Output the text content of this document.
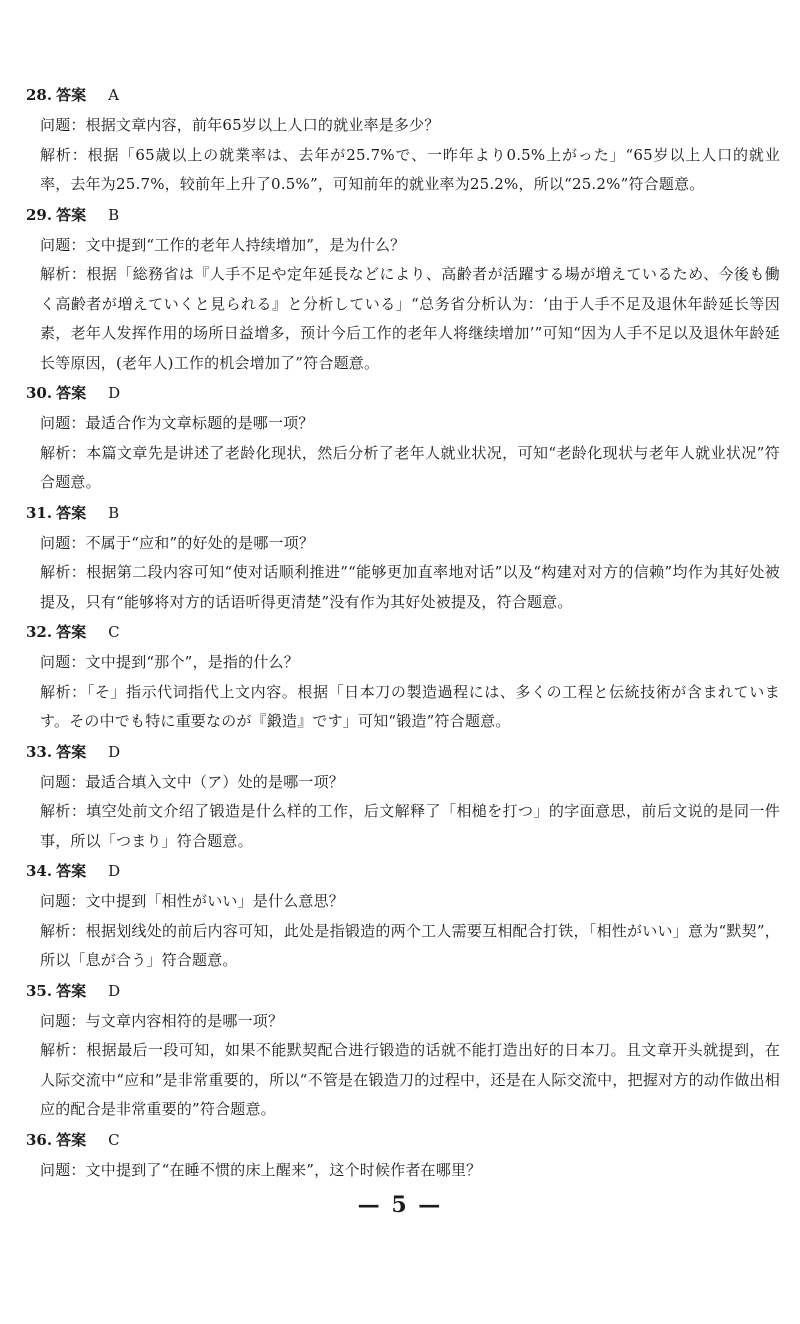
28. 答案 A
问题：根据文章内容，前年65岁以上人口的就业率是多少？
解析：根据「65歳以上の就業率は、去年が25.7%で、一昨年より0.5%上がった」“65岁以上人口的就业率，去年为25.7%，较前年上升了0.5%”，可知前年的就业率为25.2%，所以“25.2%”符合题意。
29. 答案 B
问题：文中提到“工作的老年人持续增加”，是为什么？
解析：根据「総務省は『人手不足や定年延長などにより、高齢者が活躍する場が増えているため、今後も働く高齢者が増えていくと見られる』と分析している」“总务省分析认为：‘由于人手不足及退休年龄延长等因素，老年人发挥作用的场所日益增多，预计今后工作的老年人将继续增加’”可知“因为人手不足以及退休年龄延长等原因，(老年人)工作的机会增加了”符合题意。
30. 答案 D
问题：最适合作为文章标题的是哪一项？
解析：本篇文章先是讲述了老龄化现状，然后分析了老年人就业状况，可知“老龄化现状与老年人就业状况”符合题意。
31. 答案 B
问题：不属于“应和”的好处的是哪一项？
解析：根据第二段内容可知“使对话顺利推进”“能够更加直率地对话”以及“构建对对方的信赖”均作为其好处被提及，只有“能够将对方的话语听得更清楚”没有作为其好处被提及，符合题意。
32. 答案 C
问题：文中提到“那个”，是指的什么？
解析：「そ」指示代词指代上文内容。根据「日本刀の製造過程には、多くの工程と伝統技術が含まれています。その中でも特に重要なのが『鍛造』です」可知“锻造”符合题意。
33. 答案 D
问题：最适合填入文中（ア）处的是哪一项？
解析：填空处前文介绍了锻造是什么样的工作，后文解释了「相槌を打つ」的字面意思，前后文说的是同一件事，所以「つまり」符合题意。
34. 答案 D
问题：文中提到「相性がいい」是什么意思？
解析：根据划线处的前后内容可知，此处是指锻造的两个工人需要互相配合打铁，「相性がいい」意为“默契”，所以「息が合う」符合题意。
35. 答案 D
问题：与文章内容相符的是哪一项？
解析：根据最后一段可知，如果不能默契配合进行锻造的话就不能打造出好的日本刀。且文章开头就提到，在人际交流中“应和”是非常重要的，所以“不管是在锻造刀的过程中，还是在人际交流中，把握对方的动作做出相应的配合是非常重要的”符合题意。
36. 答案 C
问题：文中提到了“在睡不惯的床上醒来”，这个时候作者在哪里？
— 5 —
